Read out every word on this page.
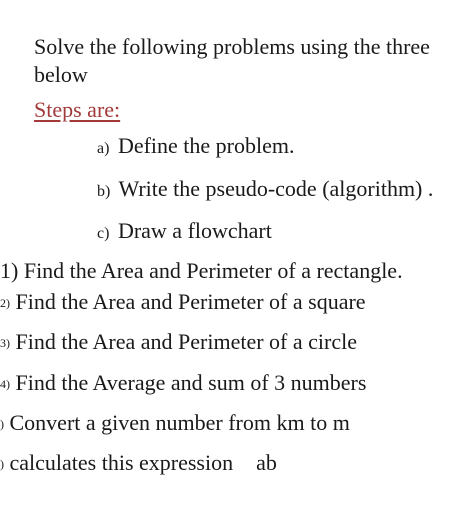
Solve the following problems using the three
below
Steps are:
a) Define the problem.
b) Write the pseudo-code (algorithm) .
c) Draw a flowchart
1) Find the Area and Perimeter of a rectangle.
2) Find the Area and Perimeter of a square
3) Find the Area and Perimeter of a circle
4) Find the Average and sum of 3 numbers
) Convert a given number from km to m
) calculates this expression ab
